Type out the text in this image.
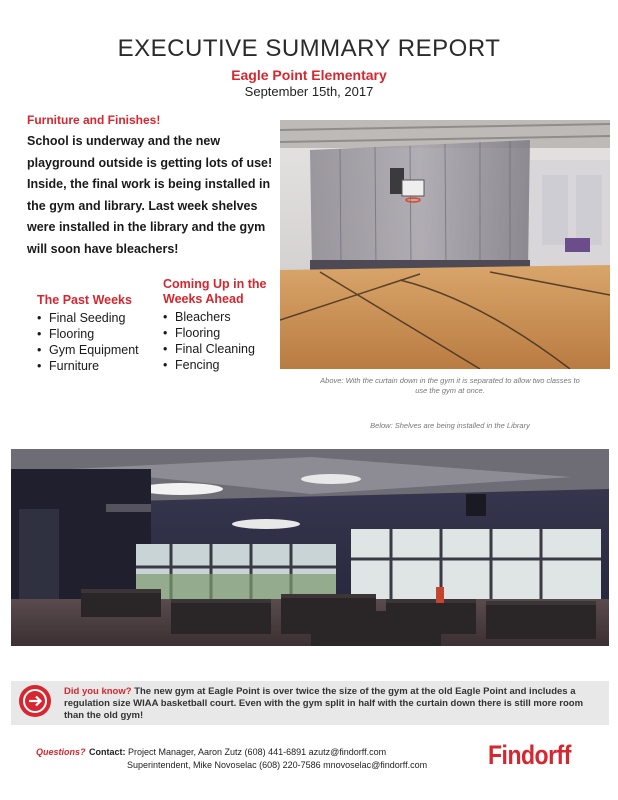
EXECUTIVE SUMMARY REPORT
Eagle Point Elementary
September 15th, 2017
Furniture and Finishes!
School is underway and the new playground outside is getting lots of use! Inside, the final work is being installed in the gym and library. Last week shelves were installed in the library and the gym will soon have bleachers!
The Past Weeks
• Final Seeding
• Flooring
• Gym Equipment
• Furniture
Coming Up in the Weeks Ahead
• Bleachers
• Flooring
• Final Cleaning
• Fencing
Above: With the curtain down in the gym it is separated to allow two classes to use the gym at once.
Below: Shelves are being installed in the Library
Did you know? The new gym at Eagle Point is over twice the size of the gym at the old Eagle Point and includes a regulation size WIAA basketball court. Even with the gym split in half with the curtain down there is still more room than the old gym!
Questions? Contact: Project Manager, Aaron Zutz (608) 441-6891 azutz@findorff.com
Superintendent, Mike Novoselac (608) 220-7586 mnovoselac@findorff.com	Findorff
